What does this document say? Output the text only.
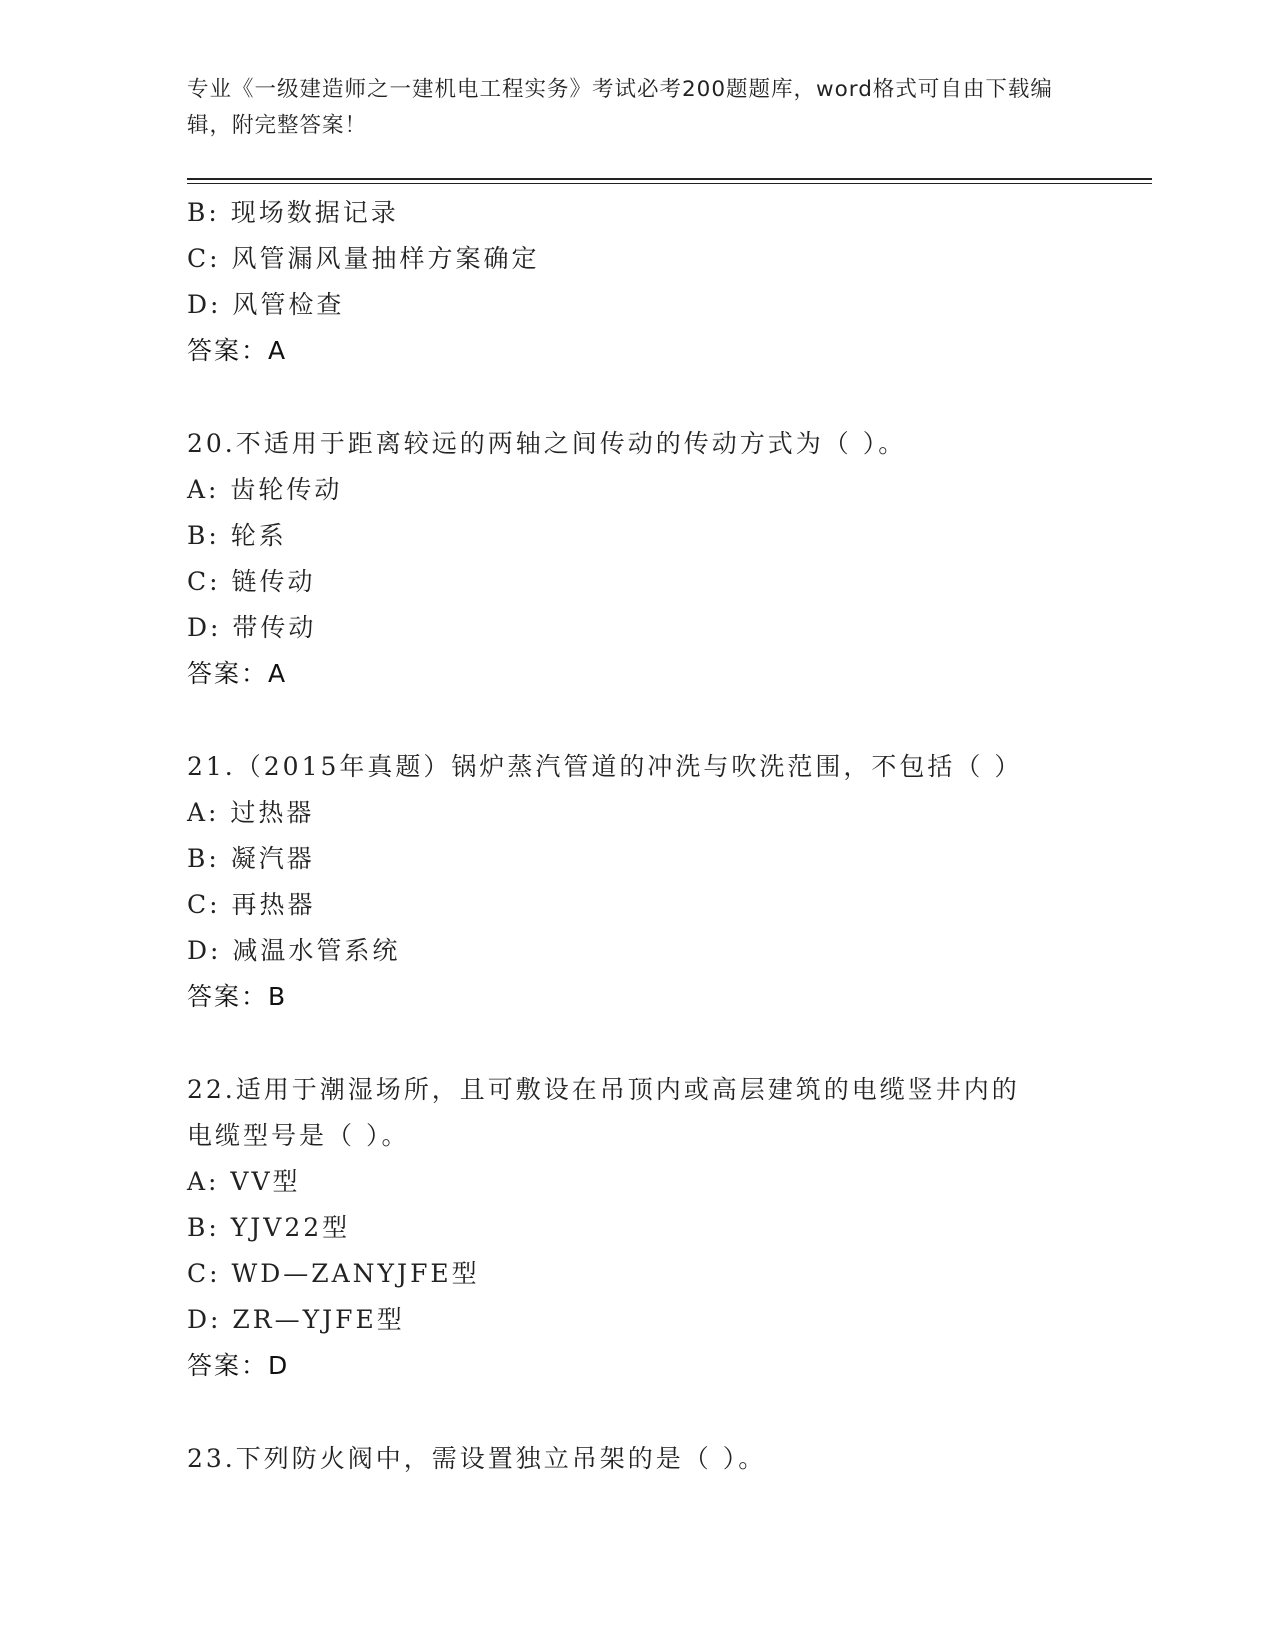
专业《一级建造师之一建机电工程实务》考试必考200题题库，word格式可自由下载编辑，附完整答案！
B: 现场数据记录
C: 风管漏风量抽样方案确定
D: 风管检查
答案：A
20.不适用于距离较远的两轴之间传动的传动方式为（ ）。
A: 齿轮传动
B: 轮系
C: 链传动
D: 带传动
答案：A
21.（2015年真题）锅炉蒸汽管道的冲洗与吹洗范围，不包括（ ）
A: 过热器
B: 凝汽器
C: 再热器
D: 减温水管系统
答案：B
22.适用于潮湿场所，且可敷设在吊顶内或高层建筑的电缆竖井内的电缆型号是（ ）。
A: VV型
B: YJV22型
C: WD—ZANYJFE型
D: ZR—YJFE型
答案：D
23.下列防火阀中，需设置独立吊架的是（ ）。
